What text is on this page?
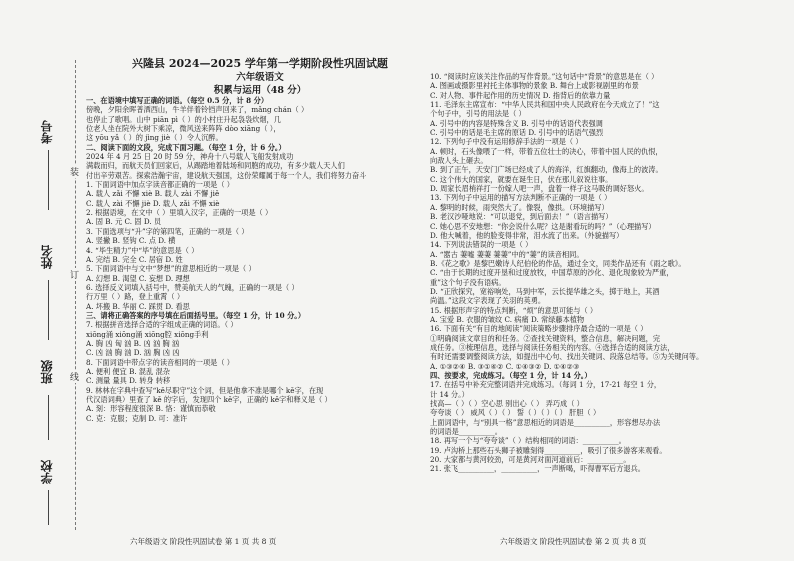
考号
姓名
班级
学校
装
订
线
兴隆县 2024—2025 学年第一学期阶段性巩固试题
六年级语文
积累与运用（48 分）
一、在语境中填写正确的词语。（每空 0.5 分，计 8 分）
傍晚，夕阳余晖普洒西山，牛羊伴着铃铛声回来了，mǎng chán（ ）
也停止了歌唱。山中 piān pì（ ）的小村庄升起袅袅炊烟，几
位老人坐在院外大树下乘凉，微风送来阵阵 dòo xiāng（ ），
这 yōu yǎ（ ）的 jìng jiè（ ）令人沉醉。
二、阅读下面的文段，完成下面习题。（每空 1 分，计 6 分。）
2024 年 4 月 25 日 20 时 59 分，神舟十八号载人飞船发射成功
满载而归，而航天员们回家后，从踢踏地着陆场和同胞的成功，有多少载人天人们
付出辛劳艰苦。探索浩瀚宇宙，建设航天强国，这份荣耀属于每一个人，我们将努力奋斗
1. 下面词语中加点字读音都正确的一项是（ ）
A. 载人 zǎi 不懈 xiè B. 载人 zài 不懈 jiě
C. 载人 zài 不懈 jiè D. 载人 zǎi 不懈 xiè
2. 根据语境，在文中（ ）里填入汉字，正确的一项是（ ）
A. 固 B. 元 C. 固 D. 员
3. 下面选项与“升”字的第四笔，正确的一项是（ ）
A. 竖撇 B. 竖钩 C. 点 D. 横
4. “毕生精力”中“毕”的意思是（ ）
A. 完结 B. 完全 C. 居宿 D. 姓
5. 下面词语中与文中“梦想”的意思相近的一项是（ ）
A. 幻想 B. 渴望 C. 妄想 D. 理想
6. 选择反义词填入括号中，赞美航天人的气魄，正确的一项是（ ）
行万里（ ）路，登上重霄（ ）
A. 坏搬 B. 华丽 C. 踩贯 D. 看思
三、请将正确答案的序号填在后面括号里。（每空 1 分，计 10 分。）
7. 根据拼音选择合适的字组成正确的词语。（ ）
xiōng涌 xiōng涌 xiōng腔 xiōng手利
A. 胸 凶 匈 汹 B. 凶 汹 胸 汹
C. 凶 汹 胸 汹 D. 汹 胸 凶 凶
8. 下面词语中带点字的读音相同的一项是（ ）
A. 便利 便宜 B. 混乱 混杂
C. 测量 量具 D. 转身 转移
9. 林林在字典中查写“kě尽职守”这个词，但是他拿不准是哪个 kě字，在现
代汉语词典）里查了 kě 的字后，发现四个 kě字，正确的 kě字和释义是（ ）
A. 刻：形容程度很深 B. 恪：谨慎而恭敬
C. 克：克服；克制 D. 可：准许
10. “阅读时应该关注作品的写作背景。”这句话中“背景”的意思是在（ ）
A. 图画或摄影里衬托主体事物的景象 B. 舞台上或影视剧里的布景
C. 对人物、事件起作用的历史情况 D. 指背后的依靠力量
11. 毛泽东主席宣布：“中华人民共和国中央人民政府在今天成立了！”这
个句子中，引号的用法是（ ）
A. 引号中的内容是特殊含义 B. 引号中的话语代表强调
C. 引号中的话是毛主席的原话 D. 引号中的话语气强烈
12. 下列句子中没有运用修辞手法的一项是（ ）
A. 顿时，石头像喂了一样，带着五位壮士的决心，带着中国人民的仇恨，
向敌人头上砸去。
B. 到了正午，天安门广场已经成了人的海洋，红旗翻动，像海上的波涛。
C. 这个伟大的国家，就要在诞生日，伏在那儿叙说往事。
D. 周家长眉梢祥打一份嫁人吧一声，盘着一样子这马吸的调好怒火。
13. 下列句子中运用的描写方法判断不正确的一项是（ ）
A. 黎明的时候，雨突然大了。像裂，像拱。（环境描写）
B. 老汉沙哑地说：“可以退党，到后面去！”（语言描写）
C. 她心思不安地想：“你会说什么呢？这是谢看玩的吗？”（心理描写）
D. 他大喊着，他的脸变得非常，泪水流了出来。（外貌描写）
14. 下列说法错误的一项是（ ）
A. “嚣古 萋嘘 萋萋 萋萋”中的“萋”的读音相同。
B.《花之歌》是黎巴嫩诗人纪伯伦的作品，通过全文，同类作品还有《雨之歌》。
C. “由于长期的过度开垦和过度放牧，中国草原的沙化、退化现象较为严重，
重”这个句子没有语病。
D. “正欣探究，宽裕响处，马到中军，云长提华雄之头，掷于地上，其酒
尚温。”这段文字表现了关羽的英勇。
15. 根据形声字的特点判断，“烦”的意思可能与（ ）
A. 宝爱 B. 衣服的皱纹 C. 病痛 D. 常绿藤本植物
16. 下面有关“有目的地阅读”阅读策略步骤排序最合适的一项是（ ）
①明确阅读文章目的和任务。②查找关键资料，整合信息，解决问题，完
成任务。③梳理信息，选择与阅读任务相关的内容。④选择合适的阅读方法，
有时还需要调整阅读方法，如提出中心句、找出关键词、段落总结等。⑤为关键问等。
A. ①③②④ B. ③①④② C. ①④③② D. ①④②③
四、按要求，完成练习。（每空 1 分，计 14 分。）
17. 在括号中补充完整词语并完成练习。（每词 1 分，17-21 每空 1 分，
计 14 分。）
找高—（ ）（ ）空心思 别出心（ ） 弄巧成（ ）
夸夸谈（ ） 威风（ ）（ ） 誓（ ）（ ）（ ） 肝胆（ ）
上面词语中，与“别具一格”意思相近的词语是__________，形容想尽办法
的词语是__________。
18. 再写一个与“夸夸谈”（ ）结构相同的词语：__________。
19. 卢沟桥上那些石头狮子被雕刻得__________，吸引了很多游客来观看。
20. 大家都与黄河较劲，可是黄河对面河道前后：__________。
21. 张飞__________，__________，一声断喝，吓得曹军后方退兵。
六年级语文 阶段性巩固试卷 第 1 页 共 8 页	六年级语文 阶段性巩固试卷 第 2 页 共 8 页
